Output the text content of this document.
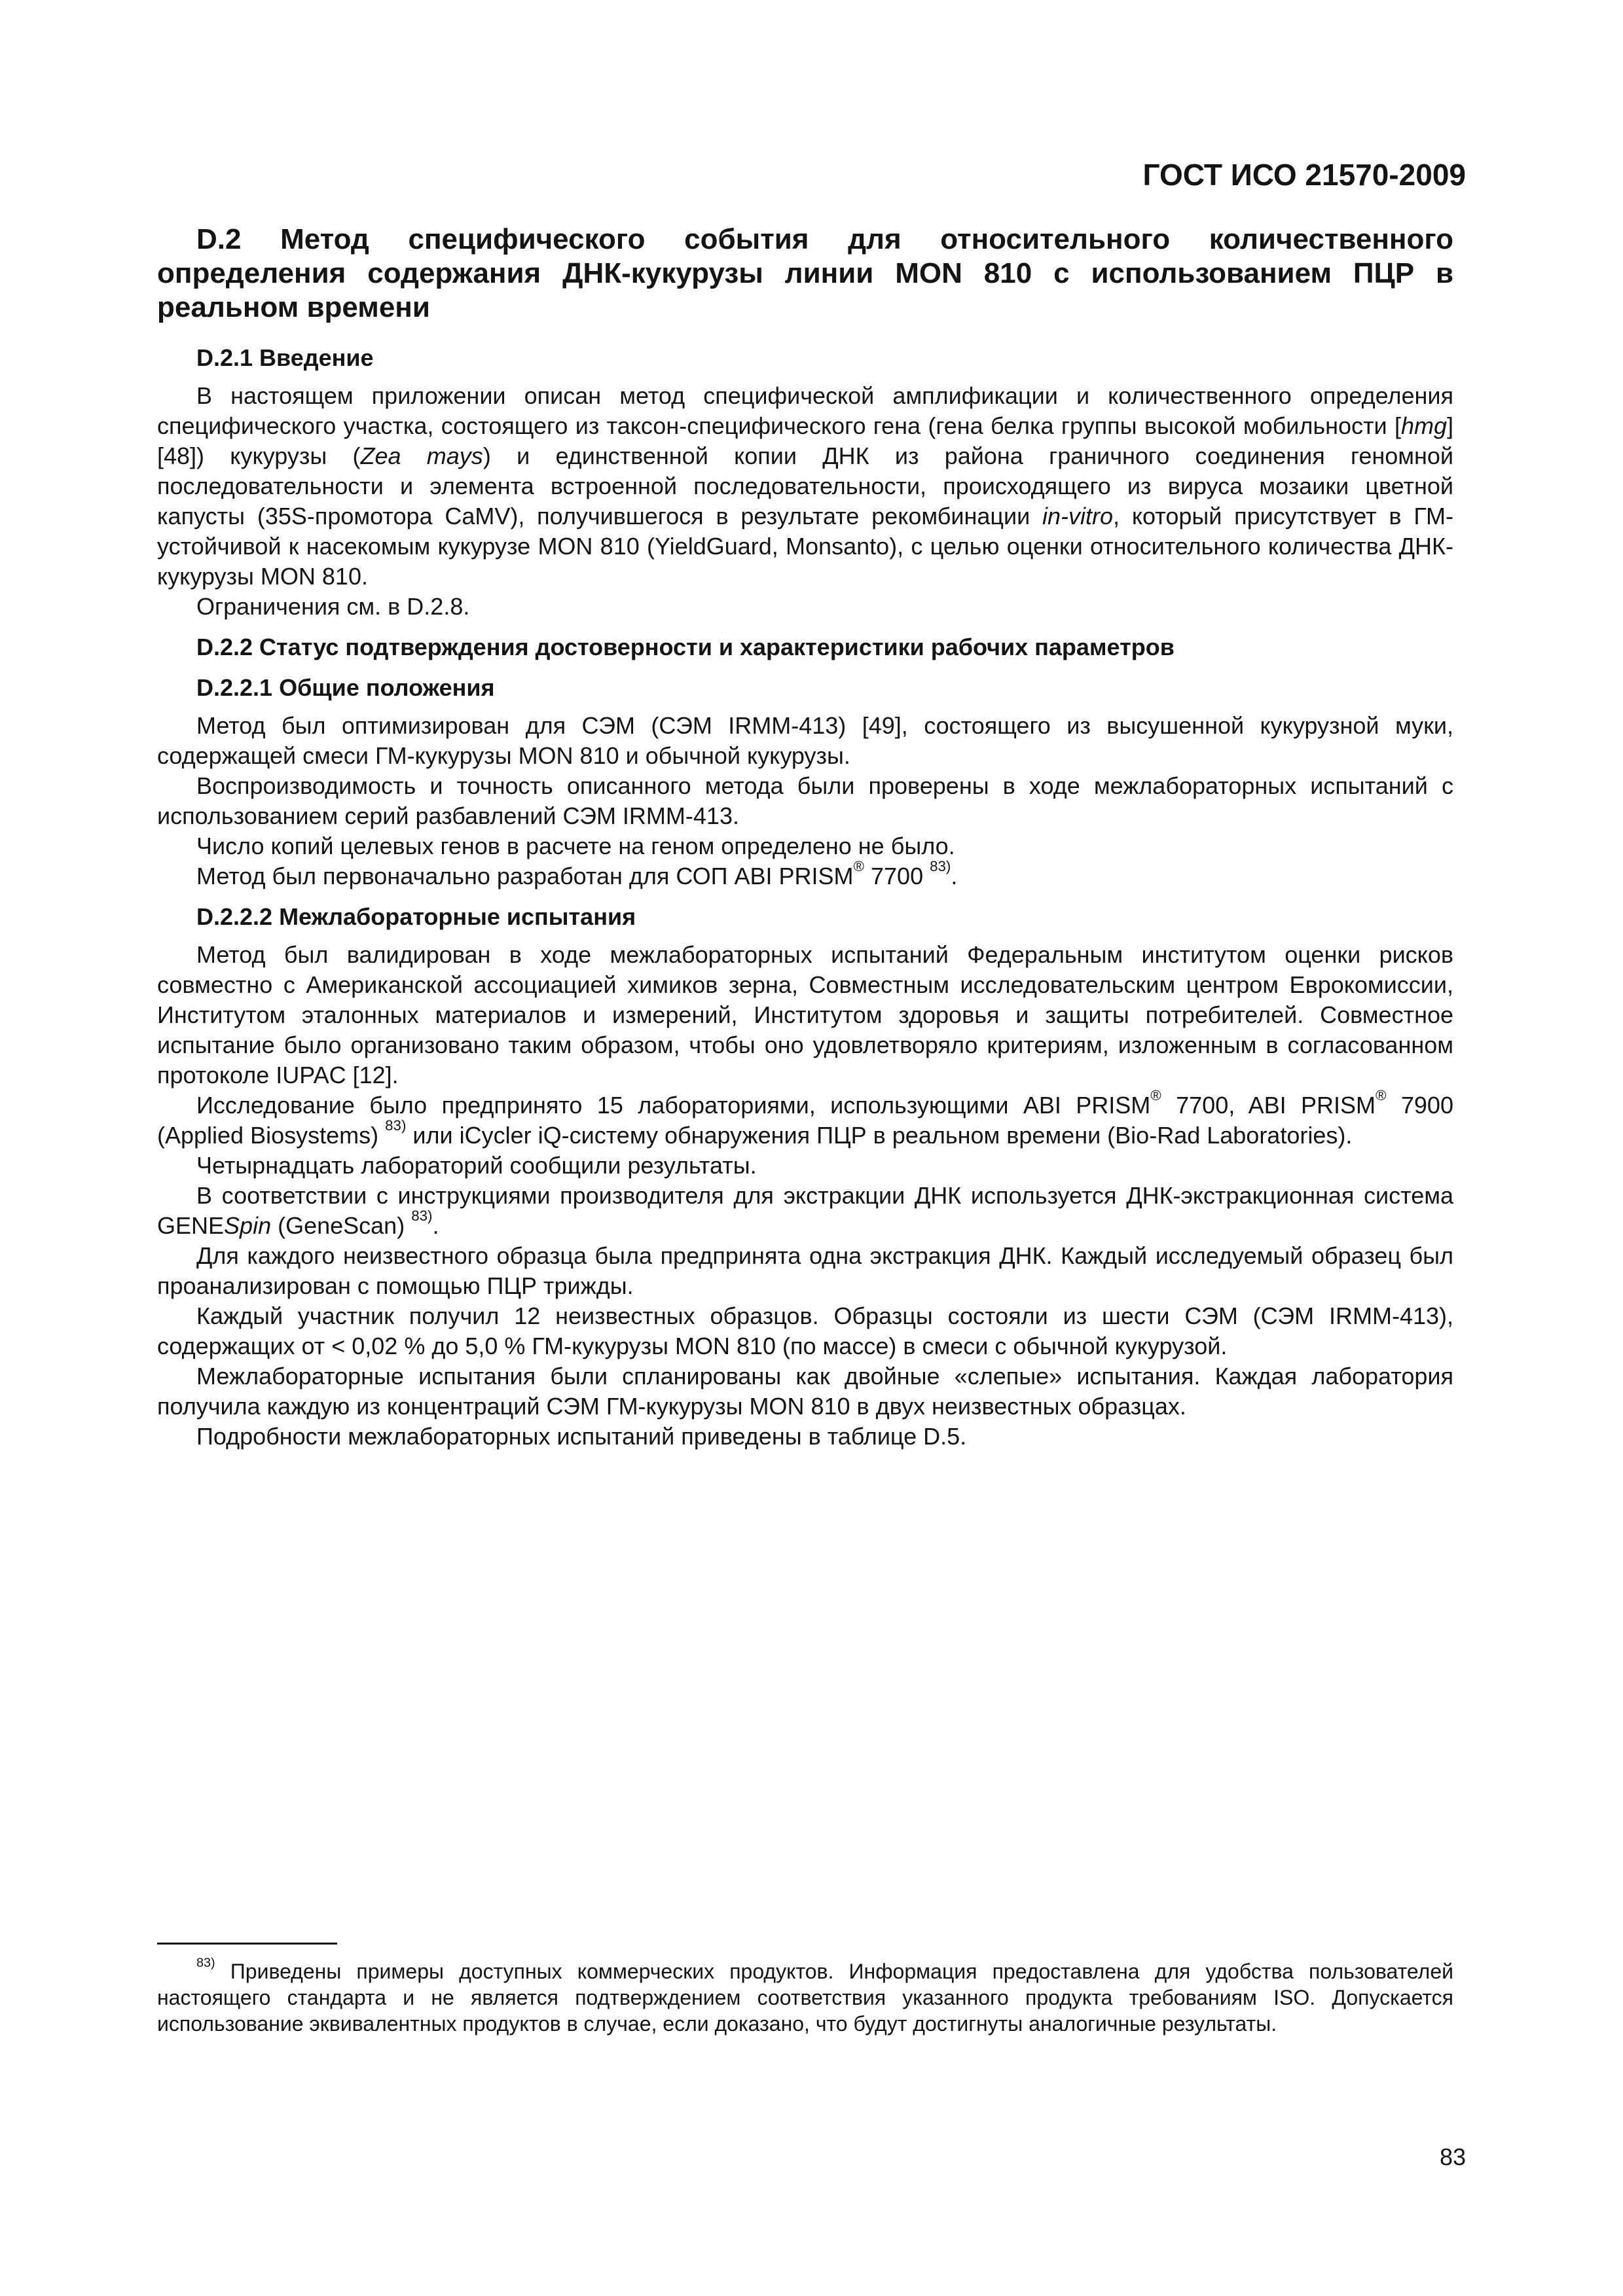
ГОСТ ИСО 21570-2009

D.2 Метод специфического события для относительного количественного определения содержания ДНК-кукурузы линии MON 810 с использованием ПЦР в реальном времени

D.2.1 Введение

В настоящем приложении описан метод специфической амплификации и количественного определения специфического участка, состоящего из таксон-специфического гена (гена белка группы высокой мобильности [hmg] [48]) кукурузы (Zea mays) и единственной копии ДНК из района граничного соединения геномной последовательности и элемента встроенной последовательности, происходящего из вируса мозаики цветной капусты (35S-промотора CaMV), получившегося в результате рекомбинации in-vitro, который присутствует в ГМ-устойчивой к насекомым кукурузе MON 810 (YieldGuard, Monsanto), с целью оценки относительного количества ДНК-кукурузы MON 810.

Ограничения см. в D.2.8.

D.2.2 Статус подтверждения достоверности и характеристики рабочих параметров

D.2.2.1 Общие положения

Метод был оптимизирован для СЭМ (СЭМ IRMM-413) [49], состоящего из высушенной кукурузной муки, содержащей смеси ГМ-кукурузы MON 810 и обычной кукурузы.

Воспроизводимость и точность описанного метода были проверены в ходе межлабораторных испытаний с использованием серий разбавлений СЭМ IRMM-413.

Число копий целевых генов в расчете на геном определено не было.

Метод был первоначально разработан для СОП ABI PRISM® 7700 $^{83)}$.

D.2.2.2 Межлабораторные испытания

Метод был валидирован в ходе межлабораторных испытаний Федеральным институтом оценки рисков совместно с Американской ассоциацией химиков зерна, Совместным исследовательским центром Еврокомиссии, Институтом эталонных материалов и измерений, Институтом здоровья и защиты потребителей. Совместное испытание было организовано таким образом, чтобы оно удовлетворяло критериям, изложенным в согласованном протоколе IUPAC [12].

Исследование было предпринято 15 лабораториями, использующими ABI PRISM® 7700, ABI PRISM® 7900 (Applied Biosystems) $^{83)}$ или iCycler iQ-систему обнаружения ПЦР в реальном времени (Bio-Rad Laboratories).

Четырнадцать лабораторий сообщили результаты.

В соответствии с инструкциями производителя для экстракции ДНК используется ДНК-экстракционная система GENESpin (GeneScan) $^{83)}$.

Для каждого неизвестного образца была предпринята одна экстракция ДНК. Каждый исследуемый образец был проанализирован с помощью ПЦР трижды.

Каждый участник получил 12 неизвестных образцов. Образцы состояли из шести СЭМ (СЭМ IRMM-413), содержащих от < 0,02 % до 5,0 % ГМ-кукурузы MON 810 (по массе) в смеси с обычной кукурузой.

Межлабораторные испытания были спланированы как двойные «слепые» испытания. Каждая лаборатория получила каждую из концентраций СЭМ ГМ-кукурузы MON 810 в двух неизвестных образцах.

Подробности межлабораторных испытаний приведены в таблице D.5.

$^{83)}$ Приведены примеры доступных коммерческих продуктов. Информация предоставлена для удобства пользователей настоящего стандарта и не является подтверждением соответствия указанного продукта требованиям ISO. Допускается использование эквивалентных продуктов в случае, если доказано, что будут достигнуты аналогичные результаты.

83
